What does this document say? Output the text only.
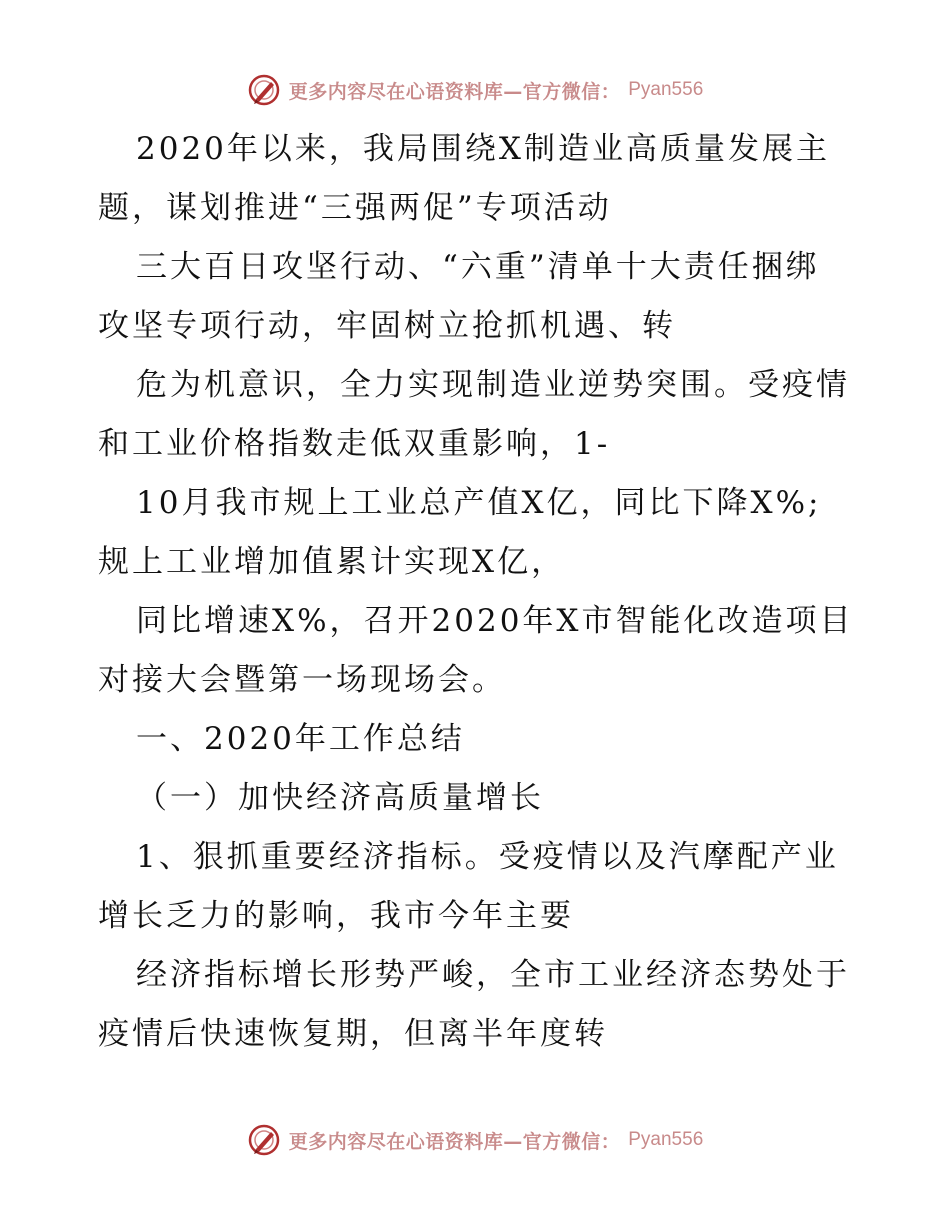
更多内容尽在心语资料库—官方微信： Pyan556
2020年以来，我局围绕X制造业高质量发展主
题，谋划推进“三强两促”专项活动
三大百日攻坚行动、“六重”清单十大责任捆绑
攻坚专项行动，牢固树立抢抓机遇、转
危为机意识，全力实现制造业逆势突围。受疫情
和工业价格指数走低双重影响，1-
10月我市规上工业总产值X亿，同比下降X%;
规上工业增加值累计实现X亿，
同比增速X%，召开2020年X市智能化改造项目
对接大会暨第一场现场会。
一、2020年工作总结
（一）加快经济高质量增长
1、狠抓重要经济指标。受疫情以及汽摩配产业
增长乏力的影响，我市今年主要
经济指标增长形势严峻，全市工业经济态势处于
疫情后快速恢复期，但离半年度转
更多内容尽在心语资料库—官方微信： Pyan556
